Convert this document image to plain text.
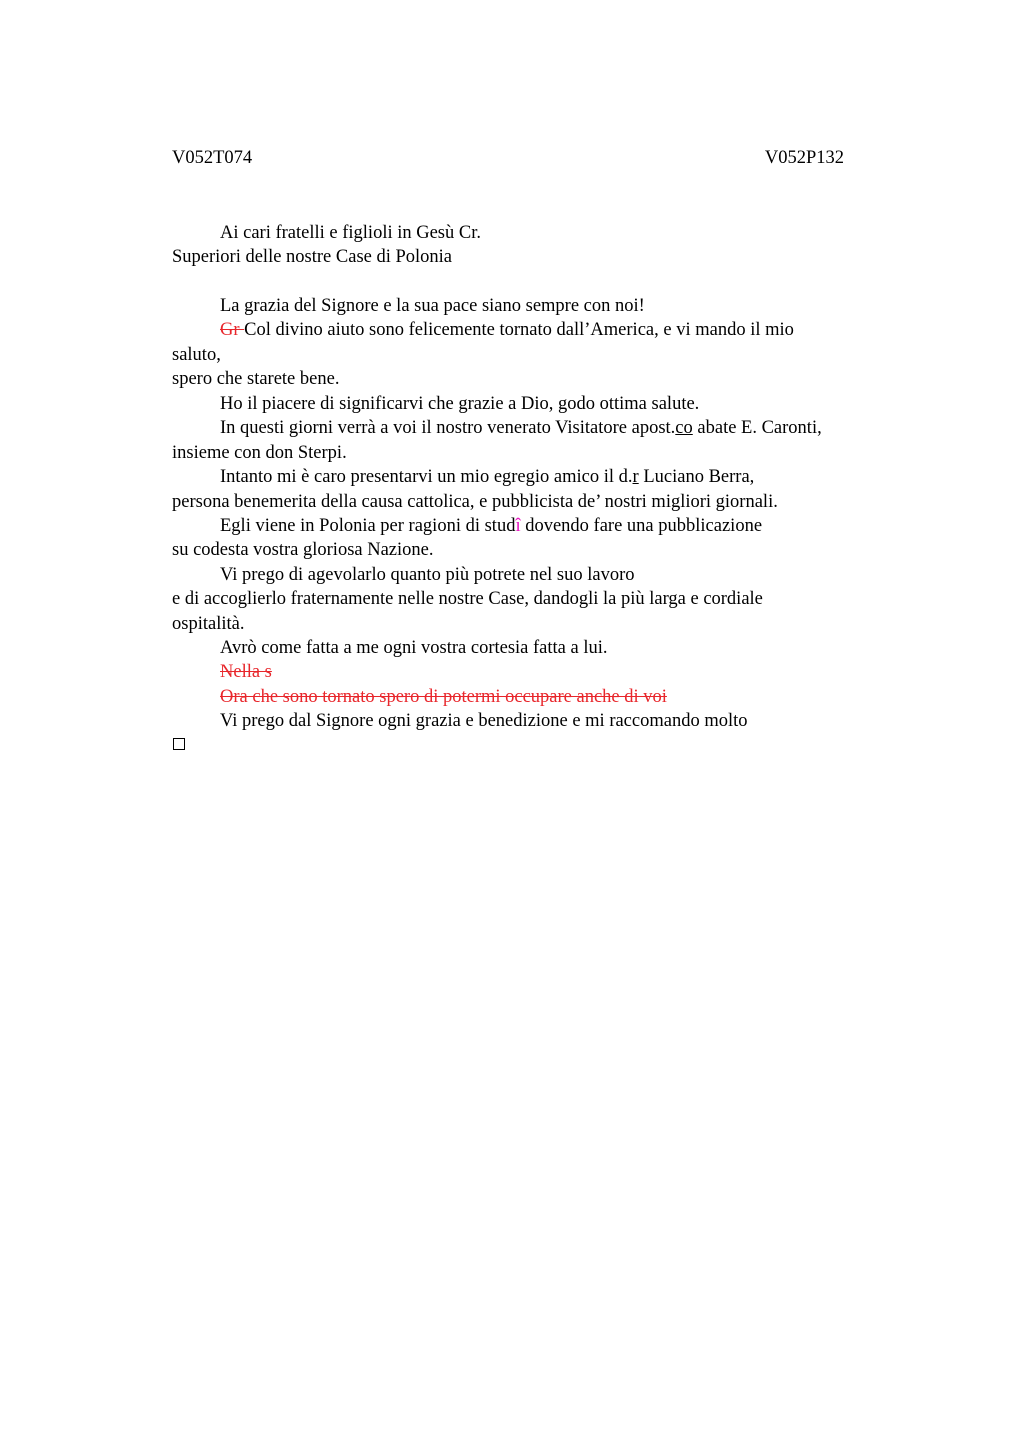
V052T074	V052P132
Ai cari fratelli e figlioli in Gesù Cr.
Superiori delle nostre Case di Polonia
La grazia del Signore e la sua pace siano sempre con noi!
Gr Col divino aiuto sono felicemente tornato dall’America, e vi mando il mio
saluto,
spero che starete bene.
Ho il piacere di significarvi che grazie a Dio, godo ottima salute.
In questi giorni verrà a voi il nostro venerato Visitatore apost.co abate E. Caronti,
insieme con don Sterpi.
Intanto mi è caro presentarvi un mio egregio amico il d.r Luciano Berra,
persona benemerita della causa cattolica, e pubblicista de’ nostri migliori giornali.
Egli viene in Polonia per ragioni di studî dovendo fare una pubblicazione
su codesta vostra gloriosa Nazione.
Vi prego di agevolarlo quanto più potrete nel suo lavoro
e di accoglierlo fraternamente nelle nostre Case, dandogli la più larga e cordiale
ospitalità.
Avrò come fatta a me ogni vostra cortesia fatta a lui.
Nella s
Ora che sono tornato spero di potermi occupare anche di voi
Vi prego dal Signore ogni grazia e benedizione e mi raccomando molto
